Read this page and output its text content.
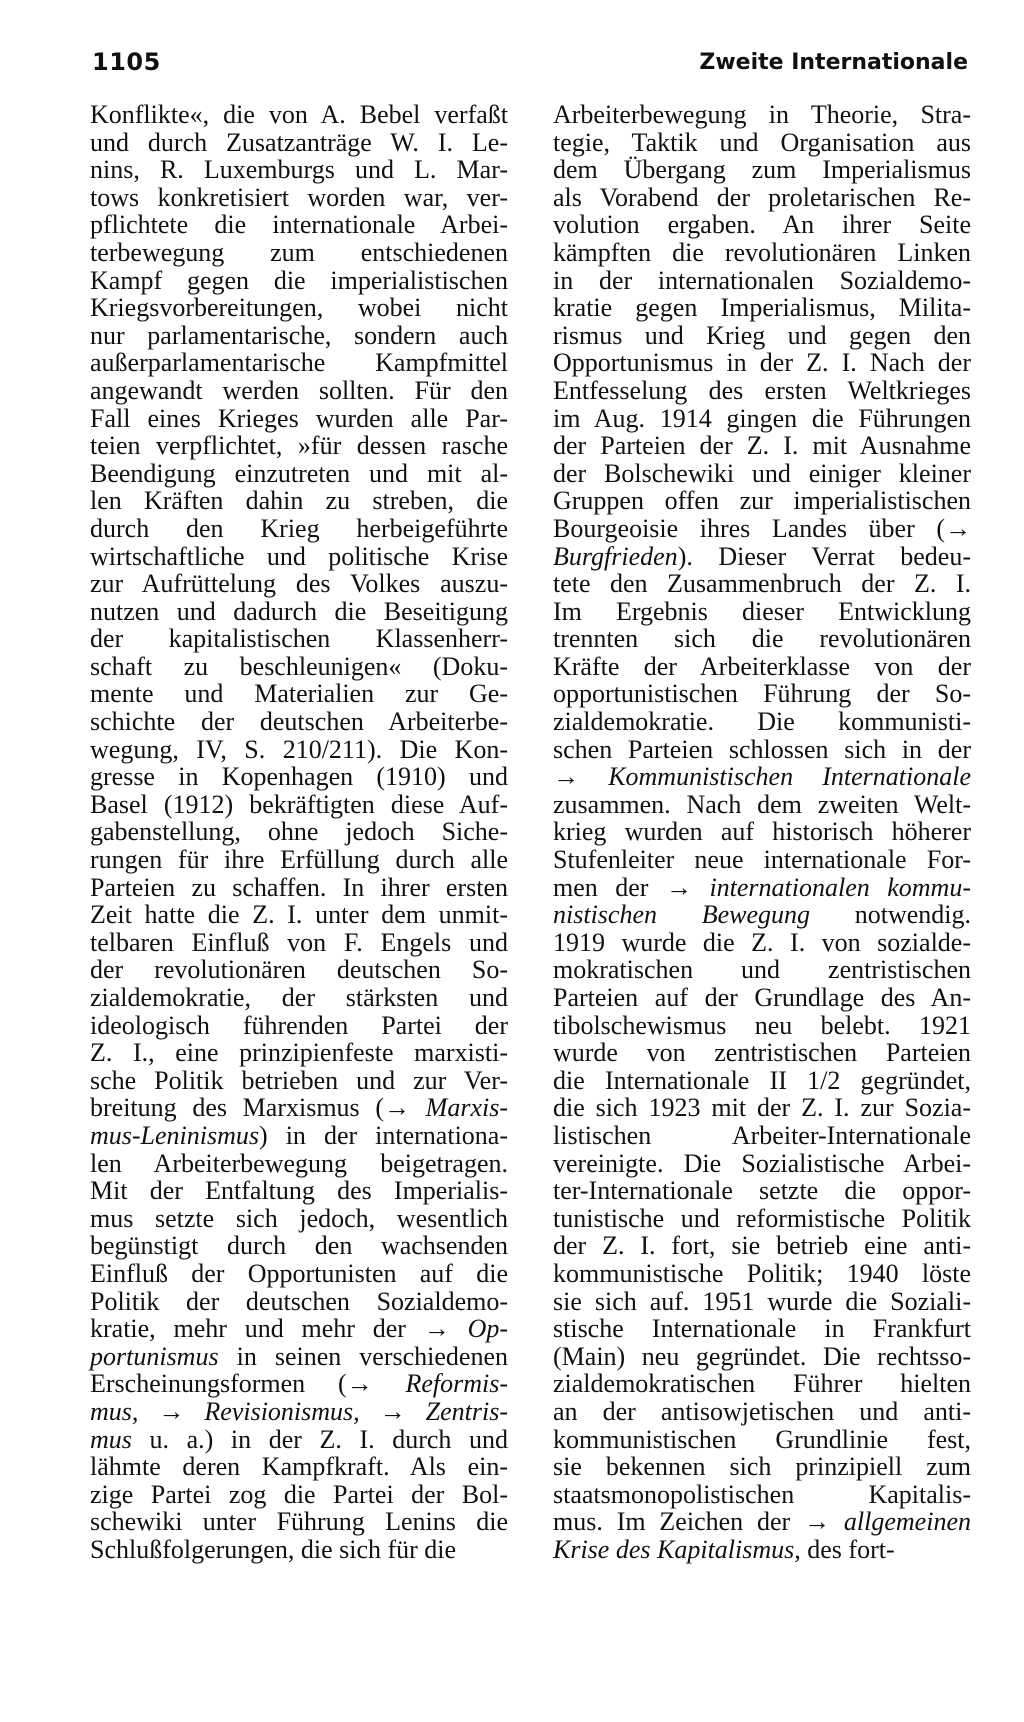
1105	Zweite Internationale
Konflikte«, die von A. Bebel verfaßt
und durch Zusatzanträge W. I. Le-
nins, R. Luxemburgs und L. Mar-
tows konkretisiert worden war, ver-
pflichtete die internationale Arbei-
terbewegung zum entschiedenen
Kampf gegen die imperialistischen
Kriegsvorbereitungen, wobei nicht
nur parlamentarische, sondern auch
außerparlamentarische Kampfmittel
angewandt werden sollten. Für den
Fall eines Krieges wurden alle Par-
teien verpflichtet, »für dessen rasche
Beendigung einzutreten und mit al-
len Kräften dahin zu streben, die
durch den Krieg herbeigeführte
wirtschaftliche und politische Krise
zur Aufrüttelung des Volkes auszu-
nutzen und dadurch die Beseitigung
der kapitalistischen Klassenherr-
schaft zu beschleunigen« (Doku-
mente und Materialien zur Ge-
schichte der deutschen Arbeiterbe-
wegung, IV, S. 210/211). Die Kon-
gresse in Kopenhagen (1910) und
Basel (1912) bekräftigten diese Auf-
gabenstellung, ohne jedoch Siche-
rungen für ihre Erfüllung durch alle
Parteien zu schaffen. In ihrer ersten
Zeit hatte die Z. I. unter dem unmit-
telbaren Einfluß von F. Engels und
der revolutionären deutschen So-
zialdemokratie, der stärksten und
ideologisch führenden Partei der
Z. I., eine prinzipienfeste marxisti-
sche Politik betrieben und zur Ver-
breitung des Marxismus (→ Marxis-
mus-Leninismus) in der internationa-
len Arbeiterbewegung beigetragen.
Mit der Entfaltung des Imperialis-
mus setzte sich jedoch, wesentlich
begünstigt durch den wachsenden
Einfluß der Opportunisten auf die
Politik der deutschen Sozialdemo-
kratie, mehr und mehr der → Op-
portunismus in seinen verschiedenen
Erscheinungsformen (→ Reformis-
mus, → Revisionismus, → Zentris-
mus u. a.) in der Z. I. durch und
lähmte deren Kampfkraft. Als ein-
zige Partei zog die Partei der Bol-
schewiki unter Führung Lenins die
Schlußfolgerungen, die sich für die
Arbeiterbewegung in Theorie, Stra-
tegie, Taktik und Organisation aus
dem Übergang zum Imperialismus
als Vorabend der proletarischen Re-
volution ergaben. An ihrer Seite
kämpften die revolutionären Linken
in der internationalen Sozialdemo-
kratie gegen Imperialismus, Milita-
rismus und Krieg und gegen den
Opportunismus in der Z. I. Nach der
Entfesselung des ersten Weltkrieges
im Aug. 1914 gingen die Führungen
der Parteien der Z. I. mit Ausnahme
der Bolschewiki und einiger kleiner
Gruppen offen zur imperialistischen
Bourgeoisie ihres Landes über (→
Burgfrieden). Dieser Verrat bedeu-
tete den Zusammenbruch der Z. I.
Im Ergebnis dieser Entwicklung
trennten sich die revolutionären
Kräfte der Arbeiterklasse von der
opportunistischen Führung der So-
zialdemokratie. Die kommunisti-
schen Parteien schlossen sich in der
→ Kommunistischen Internationale
zusammen. Nach dem zweiten Welt-
krieg wurden auf historisch höherer
Stufenleiter neue internationale For-
men der → internationalen kommu-
nistischen Bewegung notwendig.
1919 wurde die Z. I. von sozialde-
mokratischen und zentristischen
Parteien auf der Grundlage des An-
tibolschewismus neu belebt. 1921
wurde von zentristischen Parteien
die Internationale II 1/2 gegründet,
die sich 1923 mit der Z. I. zur Sozia-
listischen Arbeiter-Internationale
vereinigte. Die Sozialistische Arbei-
ter-Internationale setzte die oppor-
tunistische und reformistische Politik
der Z. I. fort, sie betrieb eine anti-
kommunistische Politik; 1940 löste
sie sich auf. 1951 wurde die Soziali-
stische Internationale in Frankfurt
(Main) neu gegründet. Die rechtsso-
zialdemokratischen Führer hielten
an der antisowjetischen und anti-
kommunistischen Grundlinie fest,
sie bekennen sich prinzipiell zum
staatsmonopolistischen Kapitalis-
mus. Im Zeichen der → allgemeinen
Krise des Kapitalismus, des fort-
